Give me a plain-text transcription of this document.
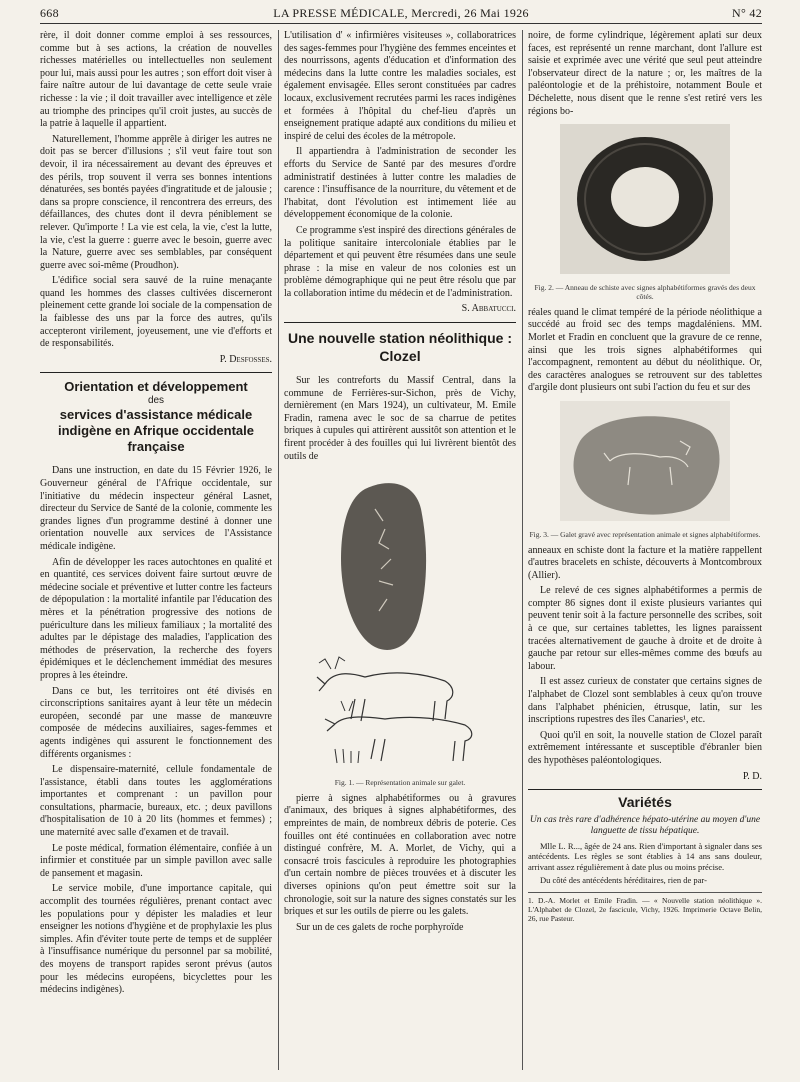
668	LA PRESSE MÉDICALE, Mercredi, 26 Mai 1926	N° 42

rère, il doit donner comme emploi à ses ressources, comme but à ses actions, la création de nouvelles richesses matérielles ou intellectuelles non seulement pour lui, mais aussi pour les autres ; son effort doit viser à faire naître autour de lui davantage de cette seule vraie richesse : la vie ; il doit travailler avec intelligence et zèle au triomphe des principes qu'il croit justes, au succès de la patrie à laquelle il appartient.

Naturellement, l'homme apprêle à diriger les autres ne doit pas se bercer d'illusions ; s'il veut faire tout son devoir, il ira nécessairement au devant des épreuves et des périls, trop souvent il verra ses bonnes intentions dénaturées, ses bontés payées d'ingratitude et de jalousie ; dans sa propre conscience, il rencontrera des erreurs, des défaillances, des chutes dont il devra péniblement se relever. Qu'importe ! La vie est cela, la vie, c'est la lutte, la vie, c'est la guerre : guerre avec le besoin, guerre avec la Nature, guerre avec ses semblables, par conséquent guerre avec soi-même (Proudhon).

L'édifice social sera sauvé de la ruine menaçante quand les hommes des classes cultivées discerneront pleinement cette grande loi sociale de la compensation de la faiblesse des uns par la force des autres, qu'ils accepteront virilement, joyeusement, une vie d'efforts et de responsabilités.

P. Desfosses.
Orientation et développement
des
services d'assistance médicale indigène en Afrique occidentale française

Dans une instruction, en date du 15 Février 1926, le Gouverneur général de l'Afrique occidentale, sur l'initiative du médecin inspecteur général Lasnet, directeur du Service de Santé de la colonie, commente les grandes lignes d'un programme destiné à donner une orientation nouvelle aux services de l'Assistance médicale indigène.

Afin de développer les races autochtones en qualité et en quantité, ces services doivent faire surtout œuvre de médecine sociale et préventive et lutter contre les facteurs de dépopulation : la mortalité infantile par l'éducation des mères et la pénétration progressive des notions de puériculture dans les milieux familiaux ; la mortalité des adultes par le dépistage des maladies, l'application des méthodes de préservation, la recherche des foyers épidémiques et le déclenchement immédiat des mesures propres à les éteindre.

Dans ce but, les territoires ont été divisés en circonscriptions sanitaires ayant à leur tête un médecin européen, secondé par une masse de manœuvre composée de médecins auxiliaires, sages-femmes et agents indigènes qui assurent le fonctionnement des différents organismes :

Le dispensaire-maternité, cellule fondamentale de l'assistance, établi dans toutes les agglomérations importantes et comprenant : un pavillon pour consultations, pharmacie, bureaux, etc. ; deux pavillons d'hospitalisation de 10 à 20 lits (hommes et femmes) ; une maternité avec salle d'examen et de travail.

Le poste médical, formation élémentaire, confiée à un infirmier et constituée par un simple pavillon avec salle de pansement et magasin.

Le service mobile, d'une importance capitale, qui accomplit des tournées régulières, prenant contact avec les populations pour y dépister les maladies et leur enseigner les notions d'hygiène et de prophylaxie les plus simples. Afin d'éviter toute perte de temps et de suppléer à l'insuffisance numérique du personnel par sa mobilité, des moyens de transport rapides seront prévus (autos pour les médecins européens, bicyclettes pour les médecins indigènes).

L'utilisation d' « infirmières visiteuses », collaboratrices des sages-femmes pour l'hygiène des femmes enceintes et des nourrissons, agents d'éducation et d'information des médecins dans la lutte contre les maladies sociales, est également envisagée. Elles seront constituées par cadres locaux, exclusivement recrutées parmi les races indigènes et formées à l'hôpital du chef-lieu d'après un enseignement pratique adapté aux conditions du milieu et inspiré de celui des écoles de la métropole.

Il appartiendra à l'administration de seconder les efforts du Service de Santé par des mesures d'ordre administratif destinées à lutter contre les maladies de carence : l'insuffisance de la nourriture, du vêtement et de l'habitat, dont l'évolution est intimement liée au développement économique de la colonie.

Ce programme s'est inspiré des directions générales de la politique sanitaire intercoloniale établies par le département et qui peuvent être résumées dans une seule phrase : la mise en valeur de nos colonies est un problème démographique qui ne peut être résolu que par la collaboration intime du médecin et de l'administration.

S. Abbatucci.
Une nouvelle station néolithique :
Clozel

Sur les contreforts du Massif Central, dans la commune de Ferrières-sur-Sichon, près de Vichy, dernièrement (en Mars 1924), un cultivateur, M. Emile Fradin, ramena avec le soc de sa charrue de petites briques à cupules qui attirèrent aussitôt son attention et le firent procéder à des fouilles qui lui livrèrent bientôt des outils de

Fig. 1. — Représentation animale sur galet.

pierre à signes alphabétiformes ou à gravures d'animaux, des briques à signes alphabétiformes, des empreintes de main, de nombreux débris de poterie. Ces fouilles ont été continuées en collaboration avec notre distingué confrère, M. A. Morlet, de Vichy, qui a consacré trois fascicules à reproduire les photographies d'un certain nombre de pièces trouvées et à discuter les diverses opinions qu'on peut émettre soit sur la chronologie, soit sur la nature des signes constatés sur les briques et sur les outils de pierre ou les galets.

Sur un de ces galets de roche porphyroïde

noire, de forme cylindrique, légèrement aplati sur deux faces, est représenté un renne marchant, dont l'allure est saisie et exprimée avec une vérité que seul peut atteindre l'observateur direct de la nature ; or, les maîtres de la paléontologie et de la préhistoire, notamment Boule et Déchelette, nous disent que le renne s'est retiré vers les régions bo-

Fig. 2. — Anneau de schiste avec signes alphabétiformes gravés des deux côtés.

réales quand le climat tempéré de la période néolithique a succédé au froid sec des temps magdaléniens. MM. Morlet et Fradin en concluent que la gravure de ce renne, ainsi que les trois signes alphabétiformes qui l'accompagnent, remontent au début du néolithique. Or, des caractères analogues se retrouvent sur des tablettes d'argile dont plusieurs ont subi l'action du feu et sur des

Fig. 3. — Galet gravé avec représentation animale et signes alphabétiformes.

anneaux en schiste dont la facture et la matière rappellent d'autres bracelets en schiste, découverts à Montcombroux (Allier).

Le relevé de ces signes alphabétiformes a permis de compter 86 signes dont il existe plusieurs variantes qui peuvent tenir soit à la facture personnelle des scribes, soit à ce que, sur certaines tablettes, les lignes paraissent tracées alternativement de gauche à droite et de droite à gauche par retour sur elles-mêmes comme des bœufs au labour.

Il est assez curieux de constater que certains signes de l'alphabet de Clozel sont semblables à ceux qu'on trouve dans l'alphabet phénicien, étrusque, latin, sur les inscriptions rupestres des îles Canaries¹, etc.

Quoi qu'il en soit, la nouvelle station de Clozel paraît extrêmement intéressante et susceptible d'ébranler bien des hypothèses paléontologiques.

P. D.
Variétés
Un cas très rare d'adhérence hépato-utérine au moyen d'une languette de tissu hépatique.

Mlle L. R..., âgée de 24 ans. Rien d'important à signaler dans ses antécédents. Les règles se sont établies à 14 ans sans douleur, arrivant assez régulièrement à date plus ou moins précise.

Du côté des antécédents héréditaires, rien de par-

1. D.-A. Morlet et Emile Fradin. — « Nouvelle station néolithique ». L'Alphabet de Clozel, 2e fascicule, Vichy, 1926. Imprimerie Octave Belin, 26, rue Pasteur.
